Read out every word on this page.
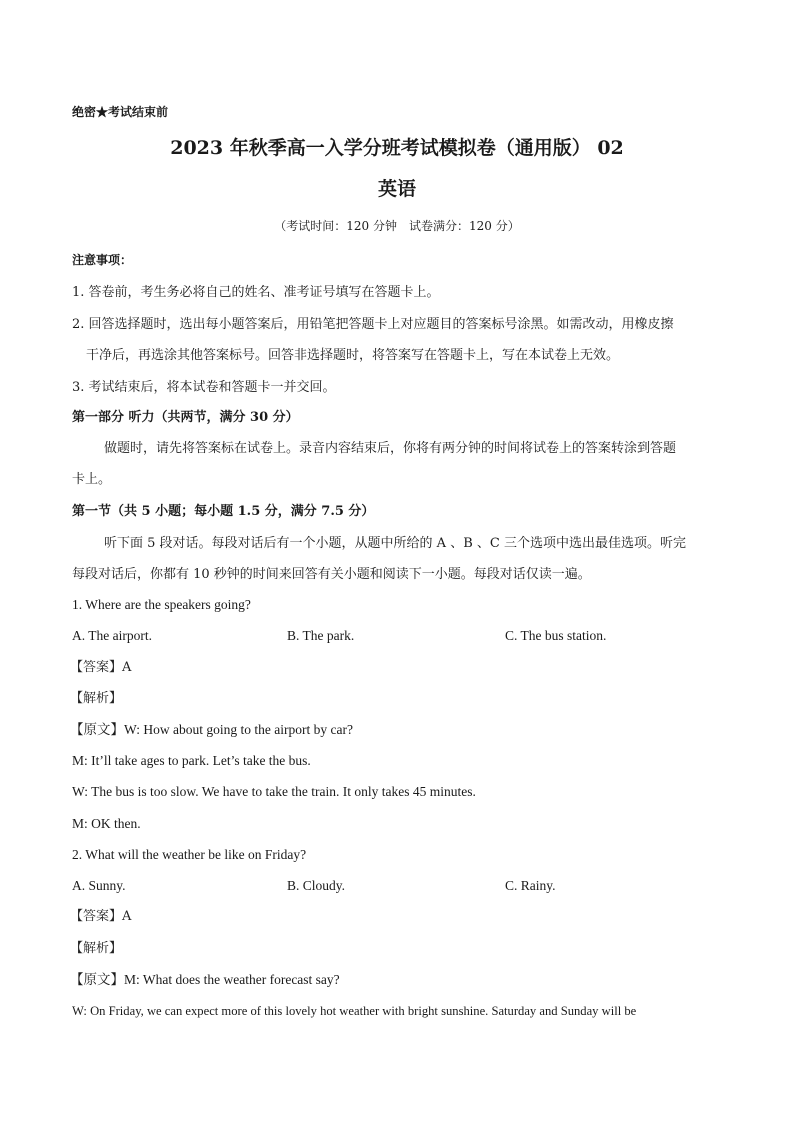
绝密★考试结束前
2023 年秋季高一入学分班考试模拟卷（通用版） 02
英语
（考试时间：120 分钟　试卷满分：120 分）
注意事项：
1. 答卷前，考生务必将自己的姓名、准考证号填写在答题卡上。
2. 回答选择题时，选出每小题答案后，用铅笔把答题卡上对应题目的答案标号涂黑。如需改动，用橡皮擦
干净后，再选涂其他答案标号。回答非选择题时，将答案写在答题卡上，写在本试卷上无效。
3. 考试结束后，将本试卷和答题卡一并交回。
第一部分 听力（共两节，满分 30 分）
做题时，请先将答案标在试卷上。录音内容结束后，你将有两分钟的时间将试卷上的答案转涂到答题
卡上。
第一节（共 5 小题；每小题 1.5 分，满分 7.5 分）
听下面 5 段对话。每段对话后有一个小题，从题中所给的 A 、B 、C 三个选项中选出最佳选项。听完
每段对话后，你都有 10 秒钟的时间来回答有关小题和阅读下一小题。每段对话仅读一遍。
1. Where are the speakers going?
A. The airport.	B. The park.	C. The bus station.
【答案】A
【解析】
【原文】W: How about going to the airport by car?
M: It’ll take ages to park. Let’s take the bus.
W: The bus is too slow. We have to take the train. It only takes 45 minutes.
M: OK then.
2. What will the weather be like on Friday?
A. Sunny.	B. Cloudy.	C. Rainy.
【答案】A
【解析】
【原文】M: What does the weather forecast say?
W: On Friday, we can expect more of this lovely hot weather with bright sunshine. Saturday and Sunday will be
